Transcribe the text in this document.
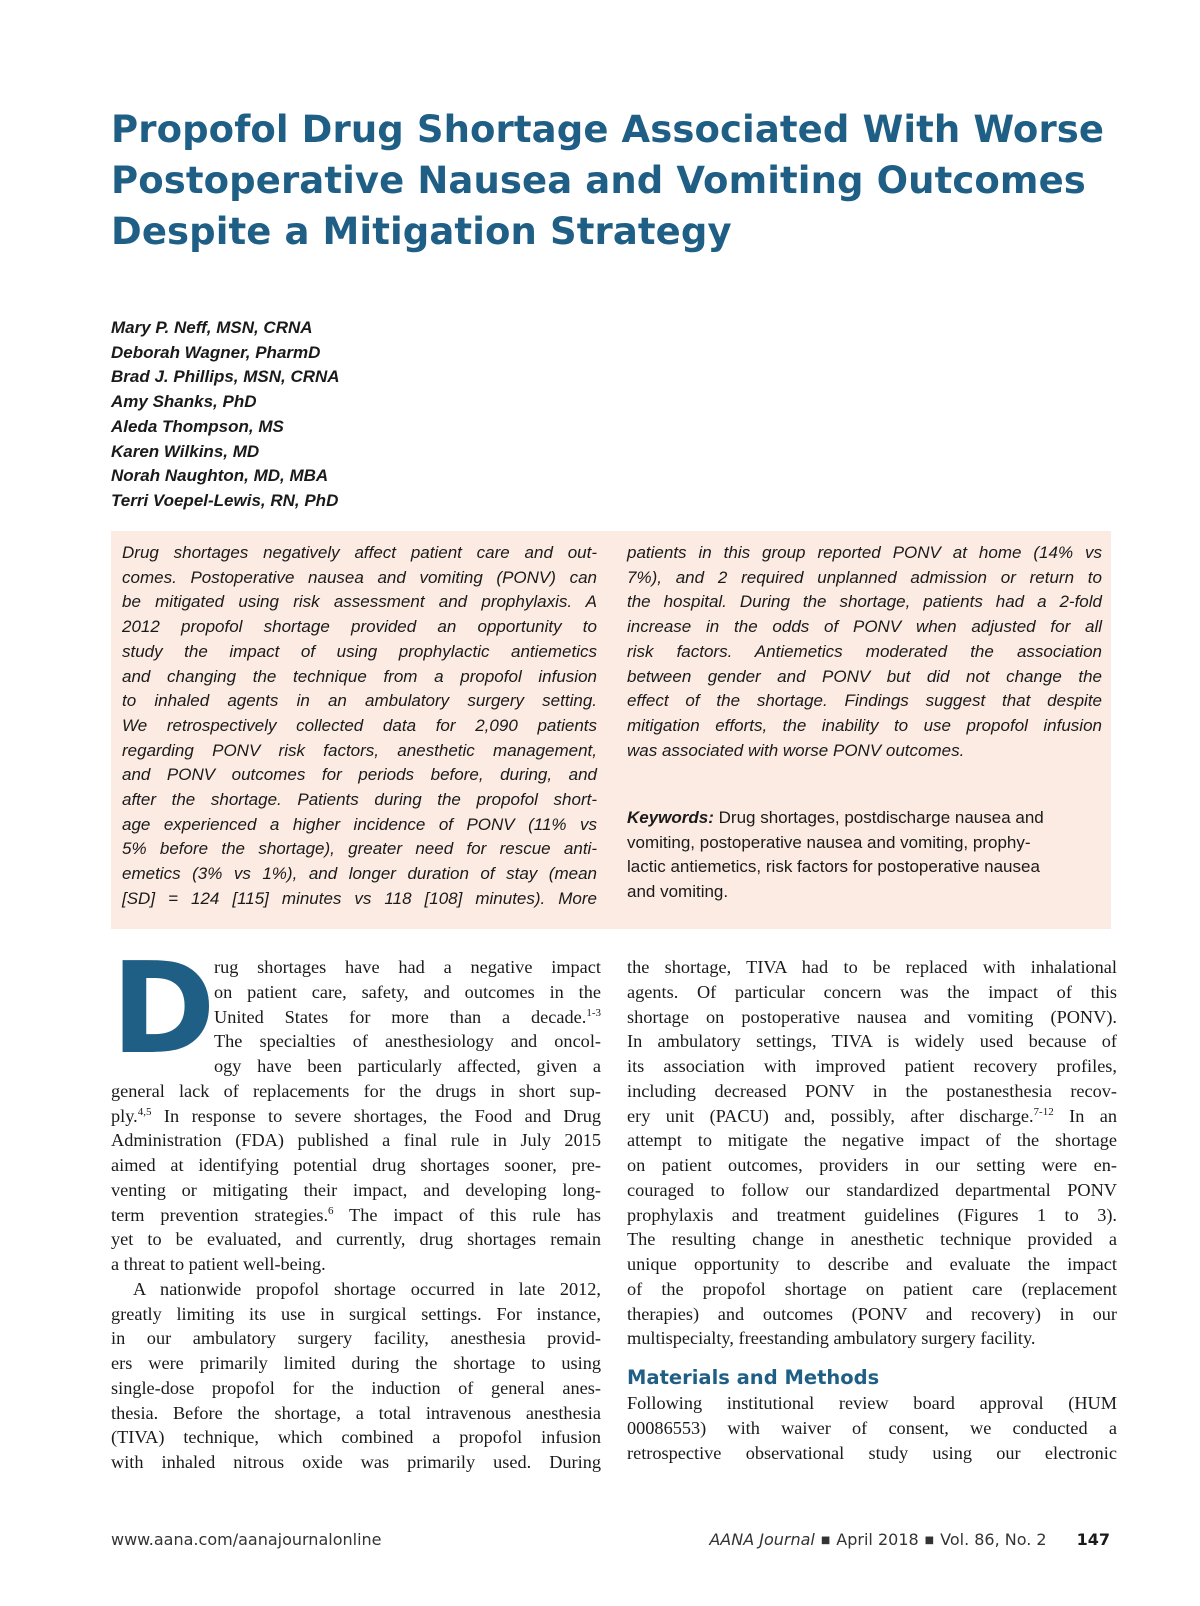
Propofol Drug Shortage Associated With Worse
Postoperative Nausea and Vomiting Outcomes
Despite a Mitigation Strategy
Mary P. Neff, MSN, CRNA
Deborah Wagner, PharmD
Brad J. Phillips, MSN, CRNA
Amy Shanks, PhD
Aleda Thompson, MS
Karen Wilkins, MD
Norah Naughton, MD, MBA
Terri Voepel-Lewis, RN, PhD
Drug shortages negatively affect patient care and out-
comes. Postoperative nausea and vomiting (PONV) can
be mitigated using risk assessment and prophylaxis. A
2012 propofol shortage provided an opportunity to
study the impact of using prophylactic antiemetics
and changing the technique from a propofol infusion
to inhaled agents in an ambulatory surgery setting.
We retrospectively collected data for 2,090 patients
regarding PONV risk factors, anesthetic management,
and PONV outcomes for periods before, during, and
after the shortage. Patients during the propofol short-
age experienced a higher incidence of PONV (11% vs
5% before the shortage), greater need for rescue anti-
emetics (3% vs 1%), and longer duration of stay (mean
[SD] = 124 [115] minutes vs 118 [108] minutes). More
patients in this group reported PONV at home (14% vs
7%), and 2 required unplanned admission or return to
the hospital. During the shortage, patients had a 2-fold
increase in the odds of PONV when adjusted for all
risk factors. Antiemetics moderated the association
between gender and PONV but did not change the
effect of the shortage. Findings suggest that despite
mitigation efforts, the inability to use propofol infusion
was associated with worse PONV outcomes.
Keywords: Drug shortages, postdischarge nausea and
vomiting, postoperative nausea and vomiting, prophy-
lactic antiemetics, risk factors for postoperative nausea
and vomiting.
D
rug shortages have had a negative impact
on patient care, safety, and outcomes in the
United States for more than a decade.$^{1-3}$
The specialties of anesthesiology and oncol-
ogy have been particularly affected, given a
general lack of replacements for the drugs in short sup-
ply.$^{4,5}$ In response to severe shortages, the Food and Drug
Administration (FDA) published a final rule in July 2015
aimed at identifying potential drug shortages sooner, pre-
venting or mitigating their impact, and developing long-
term prevention strategies.$^6$ The impact of this rule has
yet to be evaluated, and currently, drug shortages remain
a threat to patient well-being.
A nationwide propofol shortage occurred in late 2012,
greatly limiting its use in surgical settings. For instance,
in our ambulatory surgery facility, anesthesia provid-
ers were primarily limited during the shortage to using
single-dose propofol for the induction of general anes-
thesia. Before the shortage, a total intravenous anesthesia
(TIVA) technique, which combined a propofol infusion
with inhaled nitrous oxide was primarily used. During
the shortage, TIVA had to be replaced with inhalational
agents. Of particular concern was the impact of this
shortage on postoperative nausea and vomiting (PONV).
In ambulatory settings, TIVA is widely used because of
its association with improved patient recovery profiles,
including decreased PONV in the postanesthesia recov-
ery unit (PACU) and, possibly, after discharge.$^{7-12}$ In an
attempt to mitigate the negative impact of the shortage
on patient outcomes, providers in our setting were en-
couraged to follow our standardized departmental PONV
prophylaxis and treatment guidelines (Figures 1 to 3).
The resulting change in anesthetic technique provided a
unique opportunity to describe and evaluate the impact
of the propofol shortage on patient care (replacement
therapies) and outcomes (PONV and recovery) in our
multispecialty, freestanding ambulatory surgery facility.
Materials and Methods
Following institutional review board approval (HUM
00086553) with waiver of consent, we conducted a
retrospective observational study using our electronic
www.aana.com/aanajournalonline	AANA Journal ■ April 2018 ■ Vol. 86, No. 2 147
